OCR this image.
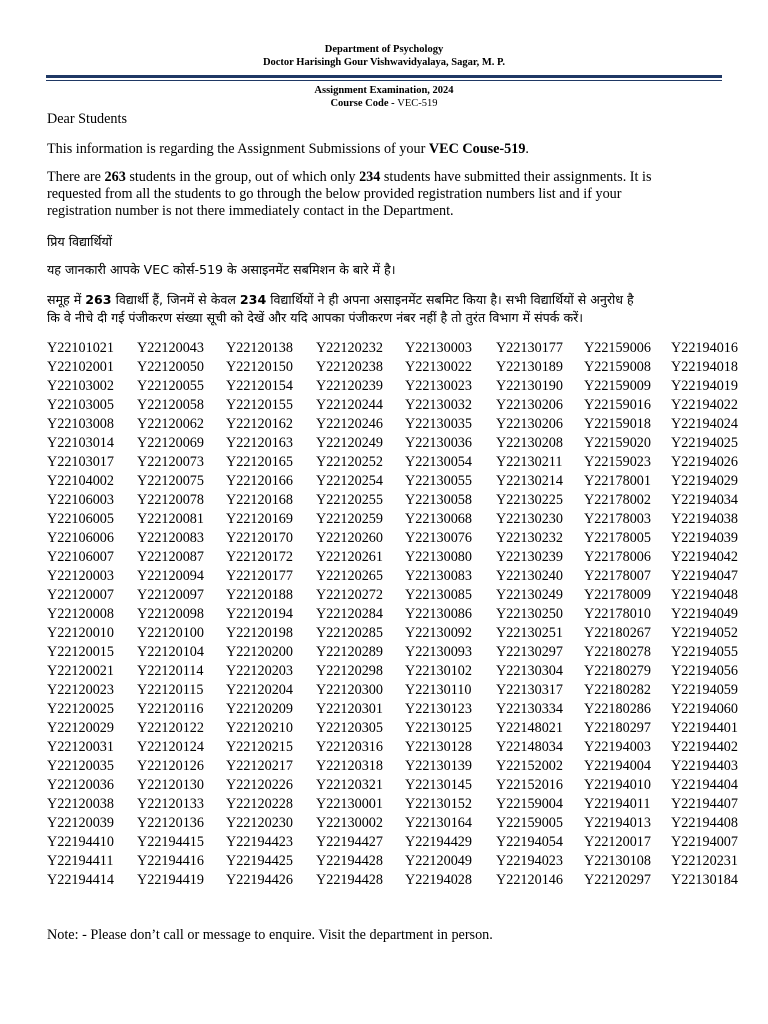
Department of Psychology
Doctor Harisingh Gour Vishwavidyalaya, Sagar, M. P.
Assignment Examination, 2024
Course Code - VEC-519
Dear Students
This information is regarding the Assignment Submissions of your VEC Couse-519.
There are 263 students in the group, out of which only 234 students have submitted their assignments. It is
requested from all the students to go through the below provided registration numbers list and if your
registration number is not there immediately contact in the Department.
प्रिय विद्यार्थियों
यह जानकारी आपके VEC कोर्स-519 के असाइनमेंट सबमिशन के बारे में है।
समूह में 263 विद्यार्थी हैं, जिनमें से केवल 234 विद्यार्थियों ने ही अपना असाइनमेंट सबमिट किया है। सभी विद्यार्थियों से अनुरोध है
कि वे नीचे दी गई पंजीकरण संख्या सूची को देखें और यदि आपका पंजीकरण नंबर नहीं है तो तुरंत विभाग में संपर्क करें।
Y22101021 Y22120043 Y22120138 Y22120232 Y22130003 Y22130177 Y22159006 Y22194016
Y22102001 Y22120050 Y22120150 Y22120238 Y22130022 Y22130189 Y22159008 Y22194018
Y22103002 Y22120055 Y22120154 Y22120239 Y22130023 Y22130190 Y22159009 Y22194019
Y22103005 Y22120058 Y22120155 Y22120244 Y22130032 Y22130206 Y22159016 Y22194022
Y22103008 Y22120062 Y22120162 Y22120246 Y22130035 Y22130206 Y22159018 Y22194024
Y22103014 Y22120069 Y22120163 Y22120249 Y22130036 Y22130208 Y22159020 Y22194025
Y22103017 Y22120073 Y22120165 Y22120252 Y22130054 Y22130211 Y22159023 Y22194026
Y22104002 Y22120075 Y22120166 Y22120254 Y22130055 Y22130214 Y22178001 Y22194029
Y22106003 Y22120078 Y22120168 Y22120255 Y22130058 Y22130225 Y22178002 Y22194034
Y22106005 Y22120081 Y22120169 Y22120259 Y22130068 Y22130230 Y22178003 Y22194038
Y22106006 Y22120083 Y22120170 Y22120260 Y22130076 Y22130232 Y22178005 Y22194039
Y22106007 Y22120087 Y22120172 Y22120261 Y22130080 Y22130239 Y22178006 Y22194042
Y22120003 Y22120094 Y22120177 Y22120265 Y22130083 Y22130240 Y22178007 Y22194047
Y22120007 Y22120097 Y22120188 Y22120272 Y22130085 Y22130249 Y22178009 Y22194048
Y22120008 Y22120098 Y22120194 Y22120284 Y22130086 Y22130250 Y22178010 Y22194049
Y22120010 Y22120100 Y22120198 Y22120285 Y22130092 Y22130251 Y22180267 Y22194052
Y22120015 Y22120104 Y22120200 Y22120289 Y22130093 Y22130297 Y22180278 Y22194055
Y22120021 Y22120114 Y22120203 Y22120298 Y22130102 Y22130304 Y22180279 Y22194056
Y22120023 Y22120115 Y22120204 Y22120300 Y22130110 Y22130317 Y22180282 Y22194059
Y22120025 Y22120116 Y22120209 Y22120301 Y22130123 Y22130334 Y22180286 Y22194060
Y22120029 Y22120122 Y22120210 Y22120305 Y22130125 Y22148021 Y22180297 Y22194401
Y22120031 Y22120124 Y22120215 Y22120316 Y22130128 Y22148034 Y22194003 Y22194402
Y22120035 Y22120126 Y22120217 Y22120318 Y22130139 Y22152002 Y22194004 Y22194403
Y22120036 Y22120130 Y22120226 Y22120321 Y22130145 Y22152016 Y22194010 Y22194404
Y22120038 Y22120133 Y22120228 Y22130001 Y22130152 Y22159004 Y22194011 Y22194407
Y22120039 Y22120136 Y22120230 Y22130002 Y22130164 Y22159005 Y22194013 Y22194408
Y22194410 Y22194415 Y22194423 Y22194427 Y22194429 Y22194054 Y22120017 Y22194007
Y22194411 Y22194416 Y22194425 Y22194428 Y22120049 Y22194023 Y22130108 Y22120231
Y22194414 Y22194419 Y22194426 Y22194428 Y22194028 Y22120146 Y22120297 Y22130184
Note: - Please don’t call or message to enquire. Visit the department in person.
